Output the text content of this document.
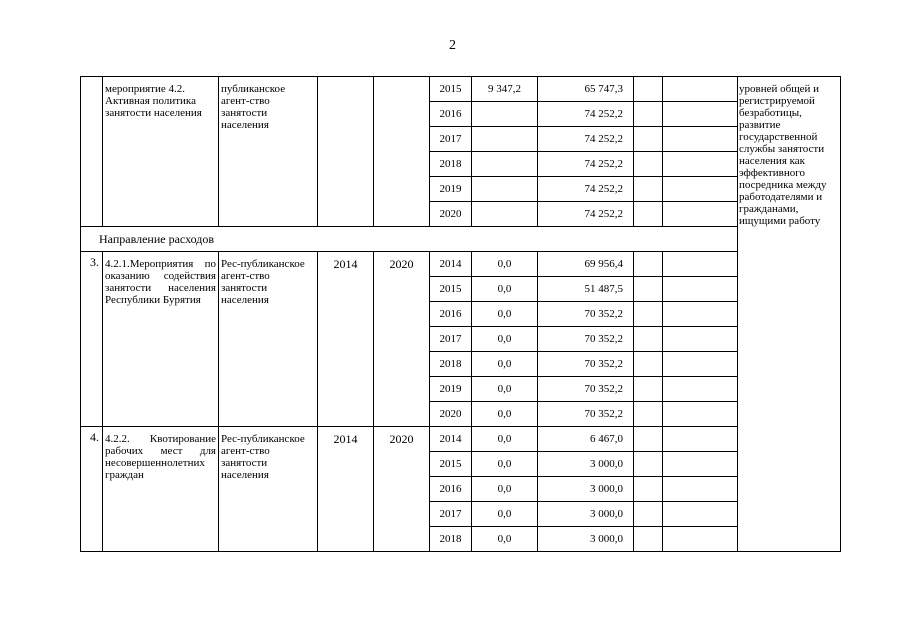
2
	мероприятие 4.2. Активная политика занятости населения	публиканское агент-ство занятости населения			2015	9 347,2	65 747,3			уровней общей и регистрируемой безработицы, развитие государственной службы занятости населения как эффективного посредника между работодателями и гражданами, ищущими работу
					2016		74 252,2			
					2017		74 252,2			
					2018		74 252,2			
					2019		74 252,2			
					2020		74 252,2			
Направление расходов										
3.	4.2.1.Мероприятия по оказанию содействия занятости населения Республики Бурятия	Рес-публиканское агент-ство занятости населения	2014	2020	2014	0,0	69 956,4			
					2015	0,0	51 487,5			
					2016	0,0	70 352,2			
					2017	0,0	70 352,2			
					2018	0,0	70 352,2			
					2019	0,0	70 352,2			
					2020	0,0	70 352,2			
4.	4.2.2. Квотирование рабочих мест для несовершеннолетних граждан	Рес-публиканское агент-ство занятости населения	2014	2020	2014	0,0	6 467,0			
					2015	0,0	3 000,0			
					2016	0,0	3 000,0			
					2017	0,0	3 000,0			
					2018	0,0	3 000,0			
